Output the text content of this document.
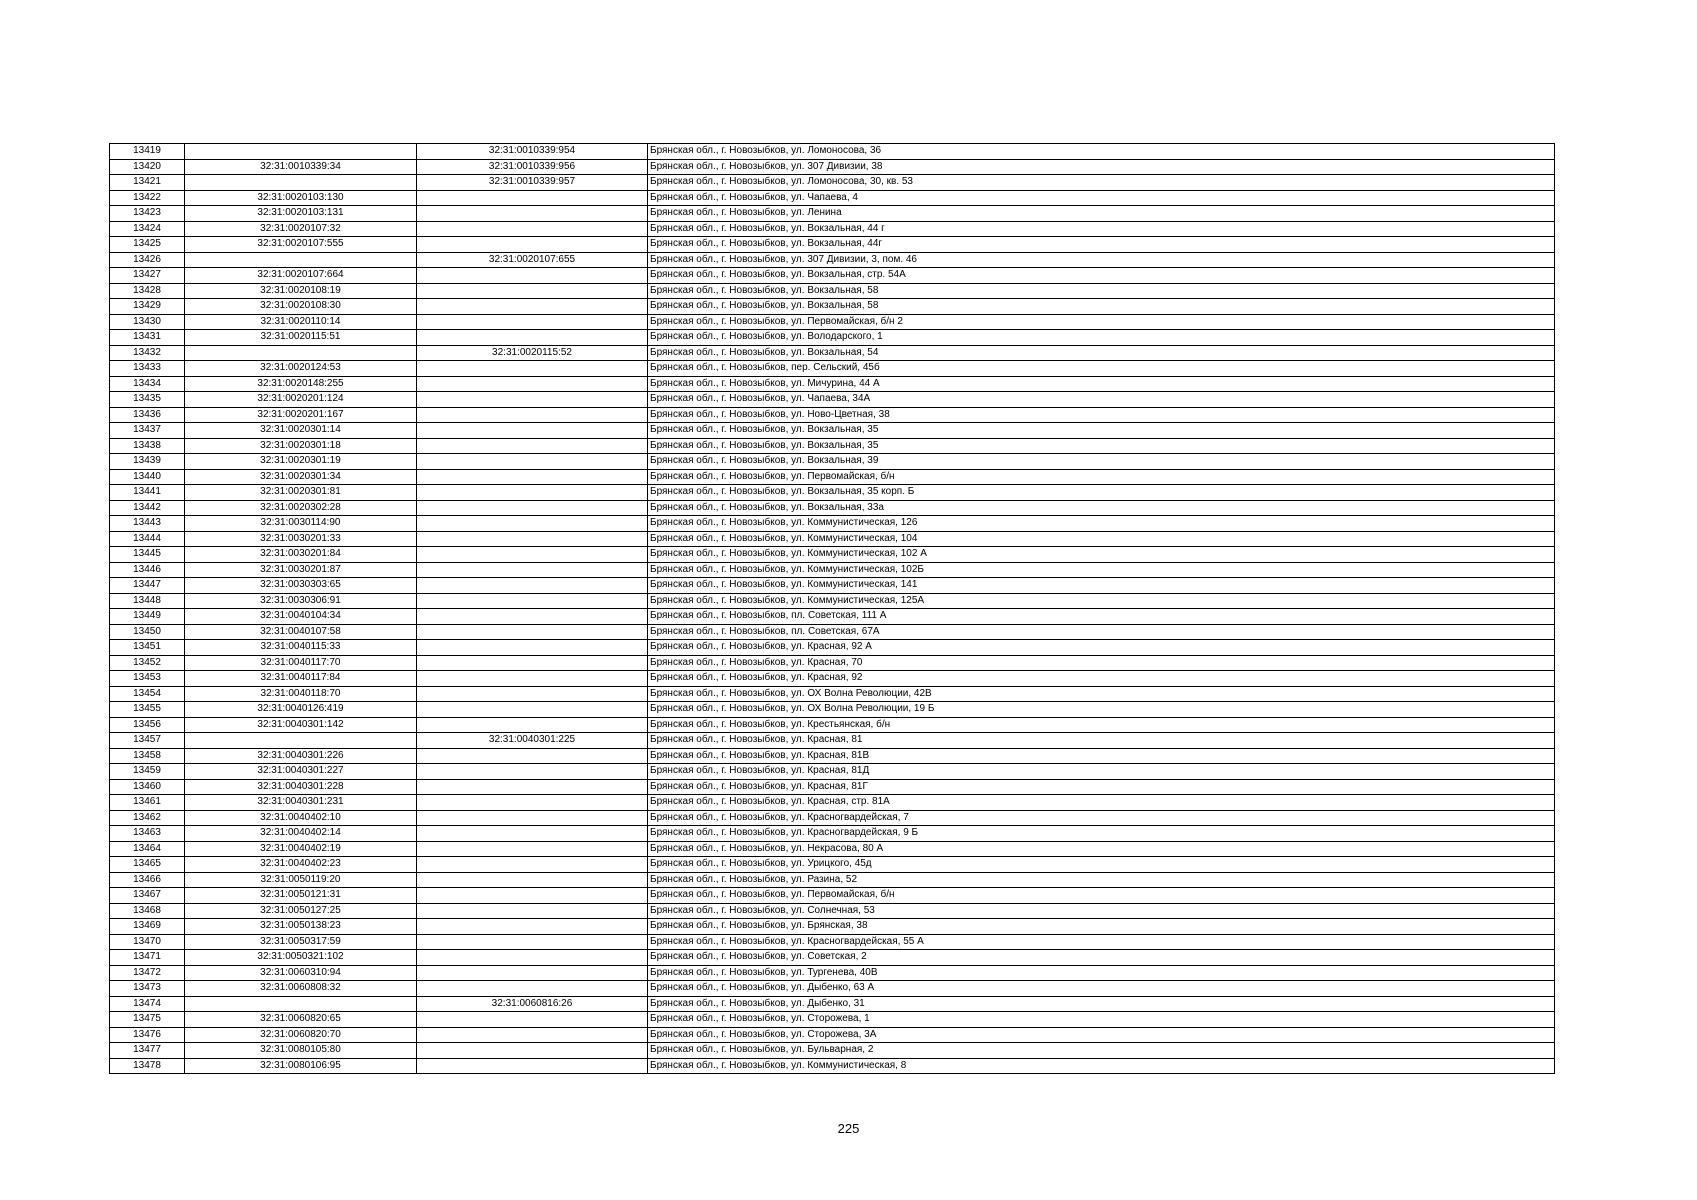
13419		32:31:0010339:954	Брянская обл., г. Новозыбков, ул. Ломоносова, 36
13420	32:31:0010339:34	32:31:0010339:956	Брянская обл., г. Новозыбков, ул. 307 Дивизии, 38
13421		32:31:0010339:957	Брянская обл., г. Новозыбков, ул. Ломоносова, 30, кв. 53
13422	32:31:0020103:130		Брянская обл., г. Новозыбков, ул. Чапаева, 4
13423	32:31:0020103:131		Брянская обл., г. Новозыбков, ул. Ленина
13424	32:31:0020107:32		Брянская обл., г. Новозыбков, ул. Вокзальная, 44 г
13425	32:31:0020107:555		Брянская обл., г. Новозыбков, ул. Вокзальная, 44г
13426		32:31:0020107:655	Брянская обл., г. Новозыбков, ул. 307 Дивизии, 3, пом. 46
13427	32:31:0020107:664		Брянская обл., г. Новозыбков, ул. Вокзальная, стр. 54А
13428	32:31:0020108:19		Брянская обл., г. Новозыбков, ул. Вокзальная, 58
13429	32:31:0020108:30		Брянская обл., г. Новозыбков, ул. Вокзальная, 58
13430	32:31:0020110:14		Брянская обл., г. Новозыбков, ул. Первомайская, б/н 2
13431	32:31:0020115:51		Брянская обл., г. Новозыбков, ул. Володарского, 1
13432		32:31:0020115:52	Брянская обл., г. Новозыбков, ул. Вокзальная, 54
13433	32:31:0020124:53		Брянская обл., г. Новозыбков, пер. Сельский, 45б
13434	32:31:0020148:255		Брянская обл., г. Новозыбков, ул. Мичурина, 44 А
13435	32:31:0020201:124		Брянская обл., г. Новозыбков, ул. Чапаева, 34А
13436	32:31:0020201:167		Брянская обл., г. Новозыбков, ул. Ново-Цветная, 38
13437	32:31:0020301:14		Брянская обл., г. Новозыбков, ул. Вокзальная, 35
13438	32:31:0020301:18		Брянская обл., г. Новозыбков, ул. Вокзальная, 35
13439	32:31:0020301:19		Брянская обл., г. Новозыбков, ул. Вокзальная, 39
13440	32:31:0020301:34		Брянская обл., г. Новозыбков, ул. Первомайская, б/н
13441	32:31:0020301:81		Брянская обл., г. Новозыбков, ул. Вокзальная, 35 корп. Б
13442	32:31:0020302:28		Брянская обл., г. Новозыбков, ул. Вокзальная, 33а
13443	32:31:0030114:90		Брянская обл., г. Новозыбков, ул. Коммунистическая, 126
13444	32:31:0030201:33		Брянская обл., г. Новозыбков, ул. Коммунистическая, 104
13445	32:31:0030201:84		Брянская обл., г. Новозыбков, ул. Коммунистическая, 102 А
13446	32:31:0030201:87		Брянская обл., г. Новозыбков, ул. Коммунистическая, 102Б
13447	32:31:0030303:65		Брянская обл., г. Новозыбков, ул. Коммунистическая, 141
13448	32:31:0030306:91		Брянская обл., г. Новозыбков, ул. Коммунистическая, 125А
13449	32:31:0040104:34		Брянская обл., г. Новозыбков, пл. Советская, 111 А
13450	32:31:0040107:58		Брянская обл., г. Новозыбков, пл. Советская, 67А
13451	32:31:0040115:33		Брянская обл., г. Новозыбков, ул. Красная, 92 А
13452	32:31:0040117:70		Брянская обл., г. Новозыбков, ул. Красная, 70
13453	32:31:0040117:84		Брянская обл., г. Новозыбков, ул. Красная, 92
13454	32:31:0040118:70		Брянская обл., г. Новозыбков, ул. ОХ Волна Революции, 42В
13455	32:31:0040126:419		Брянская обл., г. Новозыбков, ул. ОХ Волна Революции, 19 Б
13456	32:31:0040301:142		Брянская обл., г. Новозыбков, ул. Крестьянская, б/н
13457		32:31:0040301:225	Брянская обл., г. Новозыбков, ул. Красная, 81
13458	32:31:0040301:226		Брянская обл., г. Новозыбков, ул. Красная, 81В
13459	32:31:0040301:227		Брянская обл., г. Новозыбков, ул. Красная, 81Д
13460	32:31:0040301:228		Брянская обл., г. Новозыбков, ул. Красная, 81Г
13461	32:31:0040301:231		Брянская обл., г. Новозыбков, ул. Красная, стр. 81А
13462	32:31:0040402:10		Брянская обл., г. Новозыбков, ул. Красногвардейская, 7
13463	32:31:0040402:14		Брянская обл., г. Новозыбков, ул. Красногвардейская, 9 Б
13464	32:31:0040402:19		Брянская обл., г. Новозыбков, ул. Некрасова, 80 А
13465	32:31:0040402:23		Брянская обл., г. Новозыбков, ул. Урицкого, 45д
13466	32:31:0050119:20		Брянская обл., г. Новозыбков, ул. Разина, 52
13467	32:31:0050121:31		Брянская обл., г. Новозыбков, ул. Первомайская, б/н
13468	32:31:0050127:25		Брянская обл., г. Новозыбков, ул. Солнечная, 53
13469	32:31:0050138:23		Брянская обл., г. Новозыбков, ул. Брянская, 38
13470	32:31:0050317:59		Брянская обл., г. Новозыбков, ул. Красногвардейская, 55 А
13471	32:31:0050321:102		Брянская обл., г. Новозыбков, ул. Советская, 2
13472	32:31:0060310:94		Брянская обл., г. Новозыбков, ул. Тургенева, 40В
13473	32:31:0060808:32		Брянская обл., г. Новозыбков, ул. Дыбенко, 63 А
13474		32:31:0060816:26	Брянская обл., г. Новозыбков, ул. Дыбенко, 31
13475	32:31:0060820:65		Брянская обл., г. Новозыбков, ул. Сторожева, 1
13476	32:31:0060820:70		Брянская обл., г. Новозыбков, ул. Сторожева, 3А
13477	32:31:0080105:80		Брянская обл., г. Новозыбков, ул. Бульварная, 2
13478	32:31:0080106:95		Брянская обл., г. Новозыбков, ул. Коммунистическая, 8
225
